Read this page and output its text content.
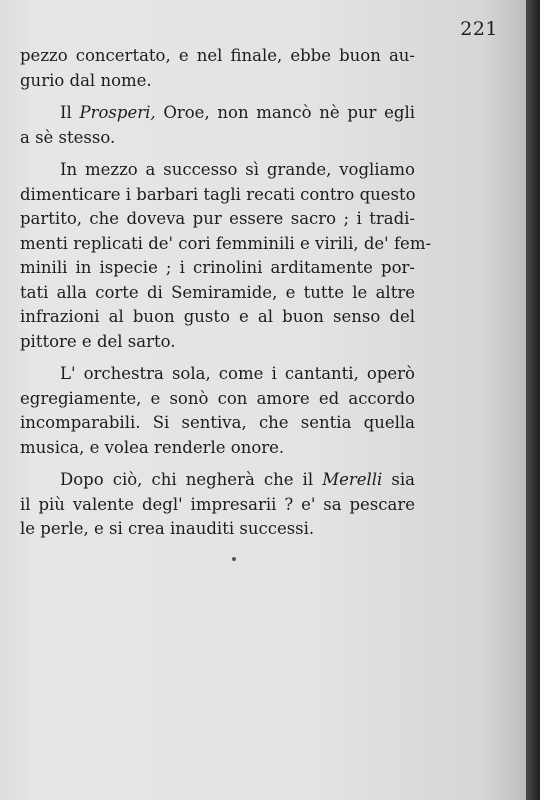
221

pezzo concertato, e nel finale, ebbe buon au-
gurio dal nome.

Il Prosperi, Oroe, non mancò nè pur egli
a sè stesso.

In mezzo a successo sì grande, vogliamo
dimenticare i barbari tagli recati contro questo
partito, che doveva pur essere sacro ; i tradi-
menti replicati de' cori femminili e virili, de' fem-
minili in ispecie ; i crinolini arditamente por-
tati alla corte di Semiramide, e tutte le altre
infrazioni al buon gusto e al buon senso del
pittore e del sarto.

L' orchestra sola, come i cantanti, operò
egregiamente, e sonò con amore ed accordo
incomparabili. Si sentiva, che sentia quella
musica, e volea renderle onore.

Dopo ciò, chi negherà che il Merelli sia
il più valente degl' impresarii ? e' sa pescare
le perle, e si crea inauditi successi.
